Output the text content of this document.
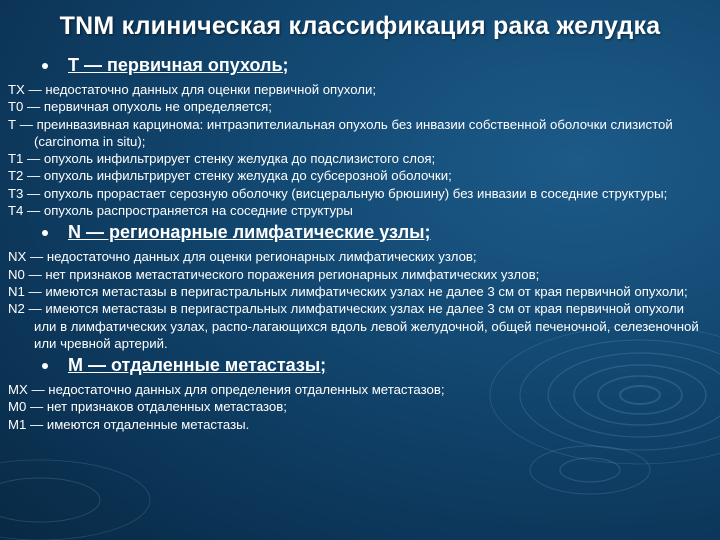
TNM клиническая классификация рака желудка
Т — первичная опухоль;

TX — недостаточно данных для оценки первичной опухоли;

Т0 — первичная опухоль не определяется;

Т — преинвазивная карцинома: интраэпителиальная опухоль без инвазии собственной оболочки слизистой (carcinoma in situ);

Т1 — опухоль инфильтрирует стенку желудка до подслизистого слоя;

Т2 — опухоль инфильтрирует стенку желудка до субсерозной оболочки;

Т3 — опухоль прорастает серозную оболочку (висцеральную брюшину) без инвазии в соседние структуры;

Т4 — опухоль распространяется на соседние структуры

N — регионарные лимфатические узлы;

NX — недостаточно данных для оценки регионарных лимфатических узлов;

N0 — нет признаков метастатического поражения регионарных лимфатических узлов;

N1 — имеются метастазы в перигастральных лимфатических узлах не далее 3 см от края первичной опухоли;

N2 — имеются метастазы в перигастральных лимфатических узлах не далее 3 см от края первичной опухоли или в лимфатических узлах, распо-лагающихся вдоль левой желудочной, общей печеночной, селезеночной или чревной артерий.

М — отдаленные метастазы;

MX — недостаточно данных для определения отдаленных метастазов;

М0 — нет признаков отдаленных метастазов;

М1 — имеются отдаленные метастазы.
